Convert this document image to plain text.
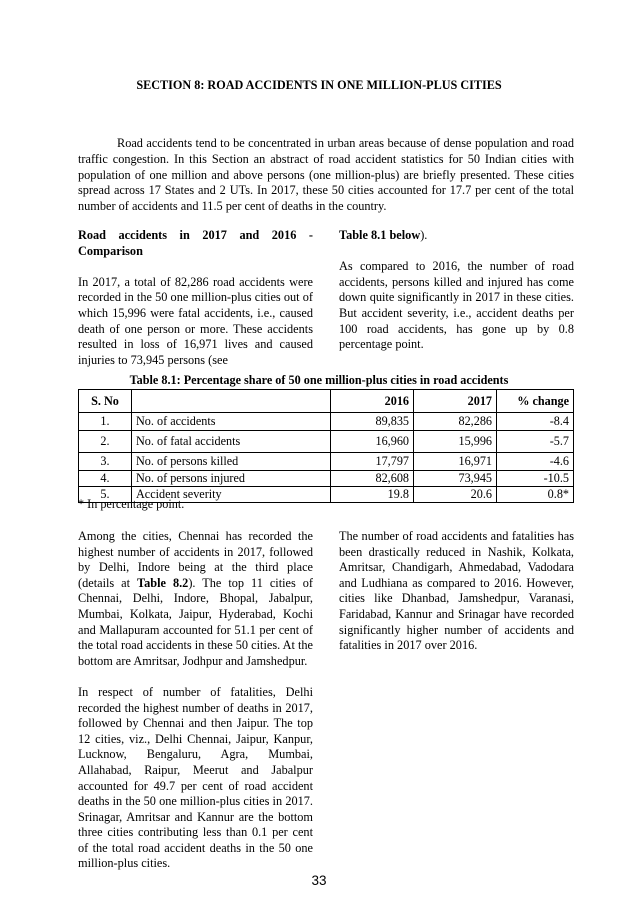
SECTION 8: ROAD ACCIDENTS IN ONE MILLION-PLUS CITIES

Road accidents tend to be concentrated in urban areas because of dense population and road traffic congestion. In this Section an abstract of road accident statistics for 50 Indian cities with population of one million and above persons (one million-plus) are briefly presented. These cities spread across 17 States and 2 UTs. In 2017, these 50 cities accounted for 17.7 per cent of the total number of accidents and 11.5 per cent of deaths in the country.

Road accidents in 2017 and 2016 - Comparison

In 2017, a total of 82,286 road accidents were recorded in the 50 one million-plus cities out of which 15,996 were fatal accidents, i.e., caused death of one person or more. These accidents resulted in loss of 16,971 lives and caused injuries to 73,945 persons (see

Table 8.1 below).

As compared to 2016, the number of road accidents, persons killed and injured has come down quite significantly in 2017 in these cities. But accident severity, i.e., accident deaths per 100 road accidents, has gone up by 0.8 percentage point.

Table 8.1: Percentage share of 50 one million-plus cities in road accidents
S. No		2016	2017	% change
1.	No. of accidents	89,835	82,286	-8.4
2.	No. of fatal accidents	16,960	15,996	-5.7
3.	No. of persons killed	17,797	16,971	-4.6
4.	No. of persons injured	82,608	73,945	-10.5
5.	Accident severity	19.8	20.6	0.8*
* In percentage point.

Among the cities, Chennai has recorded the highest number of accidents in 2017, followed by Delhi, Indore being at the third place (details at Table 8.2). The top 11 cities of Chennai, Delhi, Indore, Bhopal, Jabalpur, Mumbai, Kolkata, Jaipur, Hyderabad, Kochi and Mallapuram accounted for 51.1 per cent of the total road accidents in these 50 cities. At the bottom are Amritsar, Jodhpur and Jamshedpur.

In respect of number of fatalities, Delhi recorded the highest number of deaths in 2017, followed by Chennai and then Jaipur. The top 12 cities, viz., Delhi Chennai, Jaipur, Kanpur, Lucknow, Bengaluru, Agra, Mumbai, Allahabad, Raipur, Meerut and Jabalpur accounted for 49.7 per cent of road accident deaths in the 50 one million-plus cities in 2017. Srinagar, Amritsar and Kannur are the bottom three cities contributing less than 0.1 per cent of the total road accident deaths in the 50 one million-plus cities.

The number of road accidents and fatalities has been drastically reduced in Nashik, Kolkata, Amritsar, Chandigarh, Ahmedabad, Vadodara and Ludhiana as compared to 2016. However, cities like Dhanbad, Jamshedpur, Varanasi, Faridabad, Kannur and Srinagar have recorded significantly higher number of accidents and fatalities in 2017 over 2016.

33
